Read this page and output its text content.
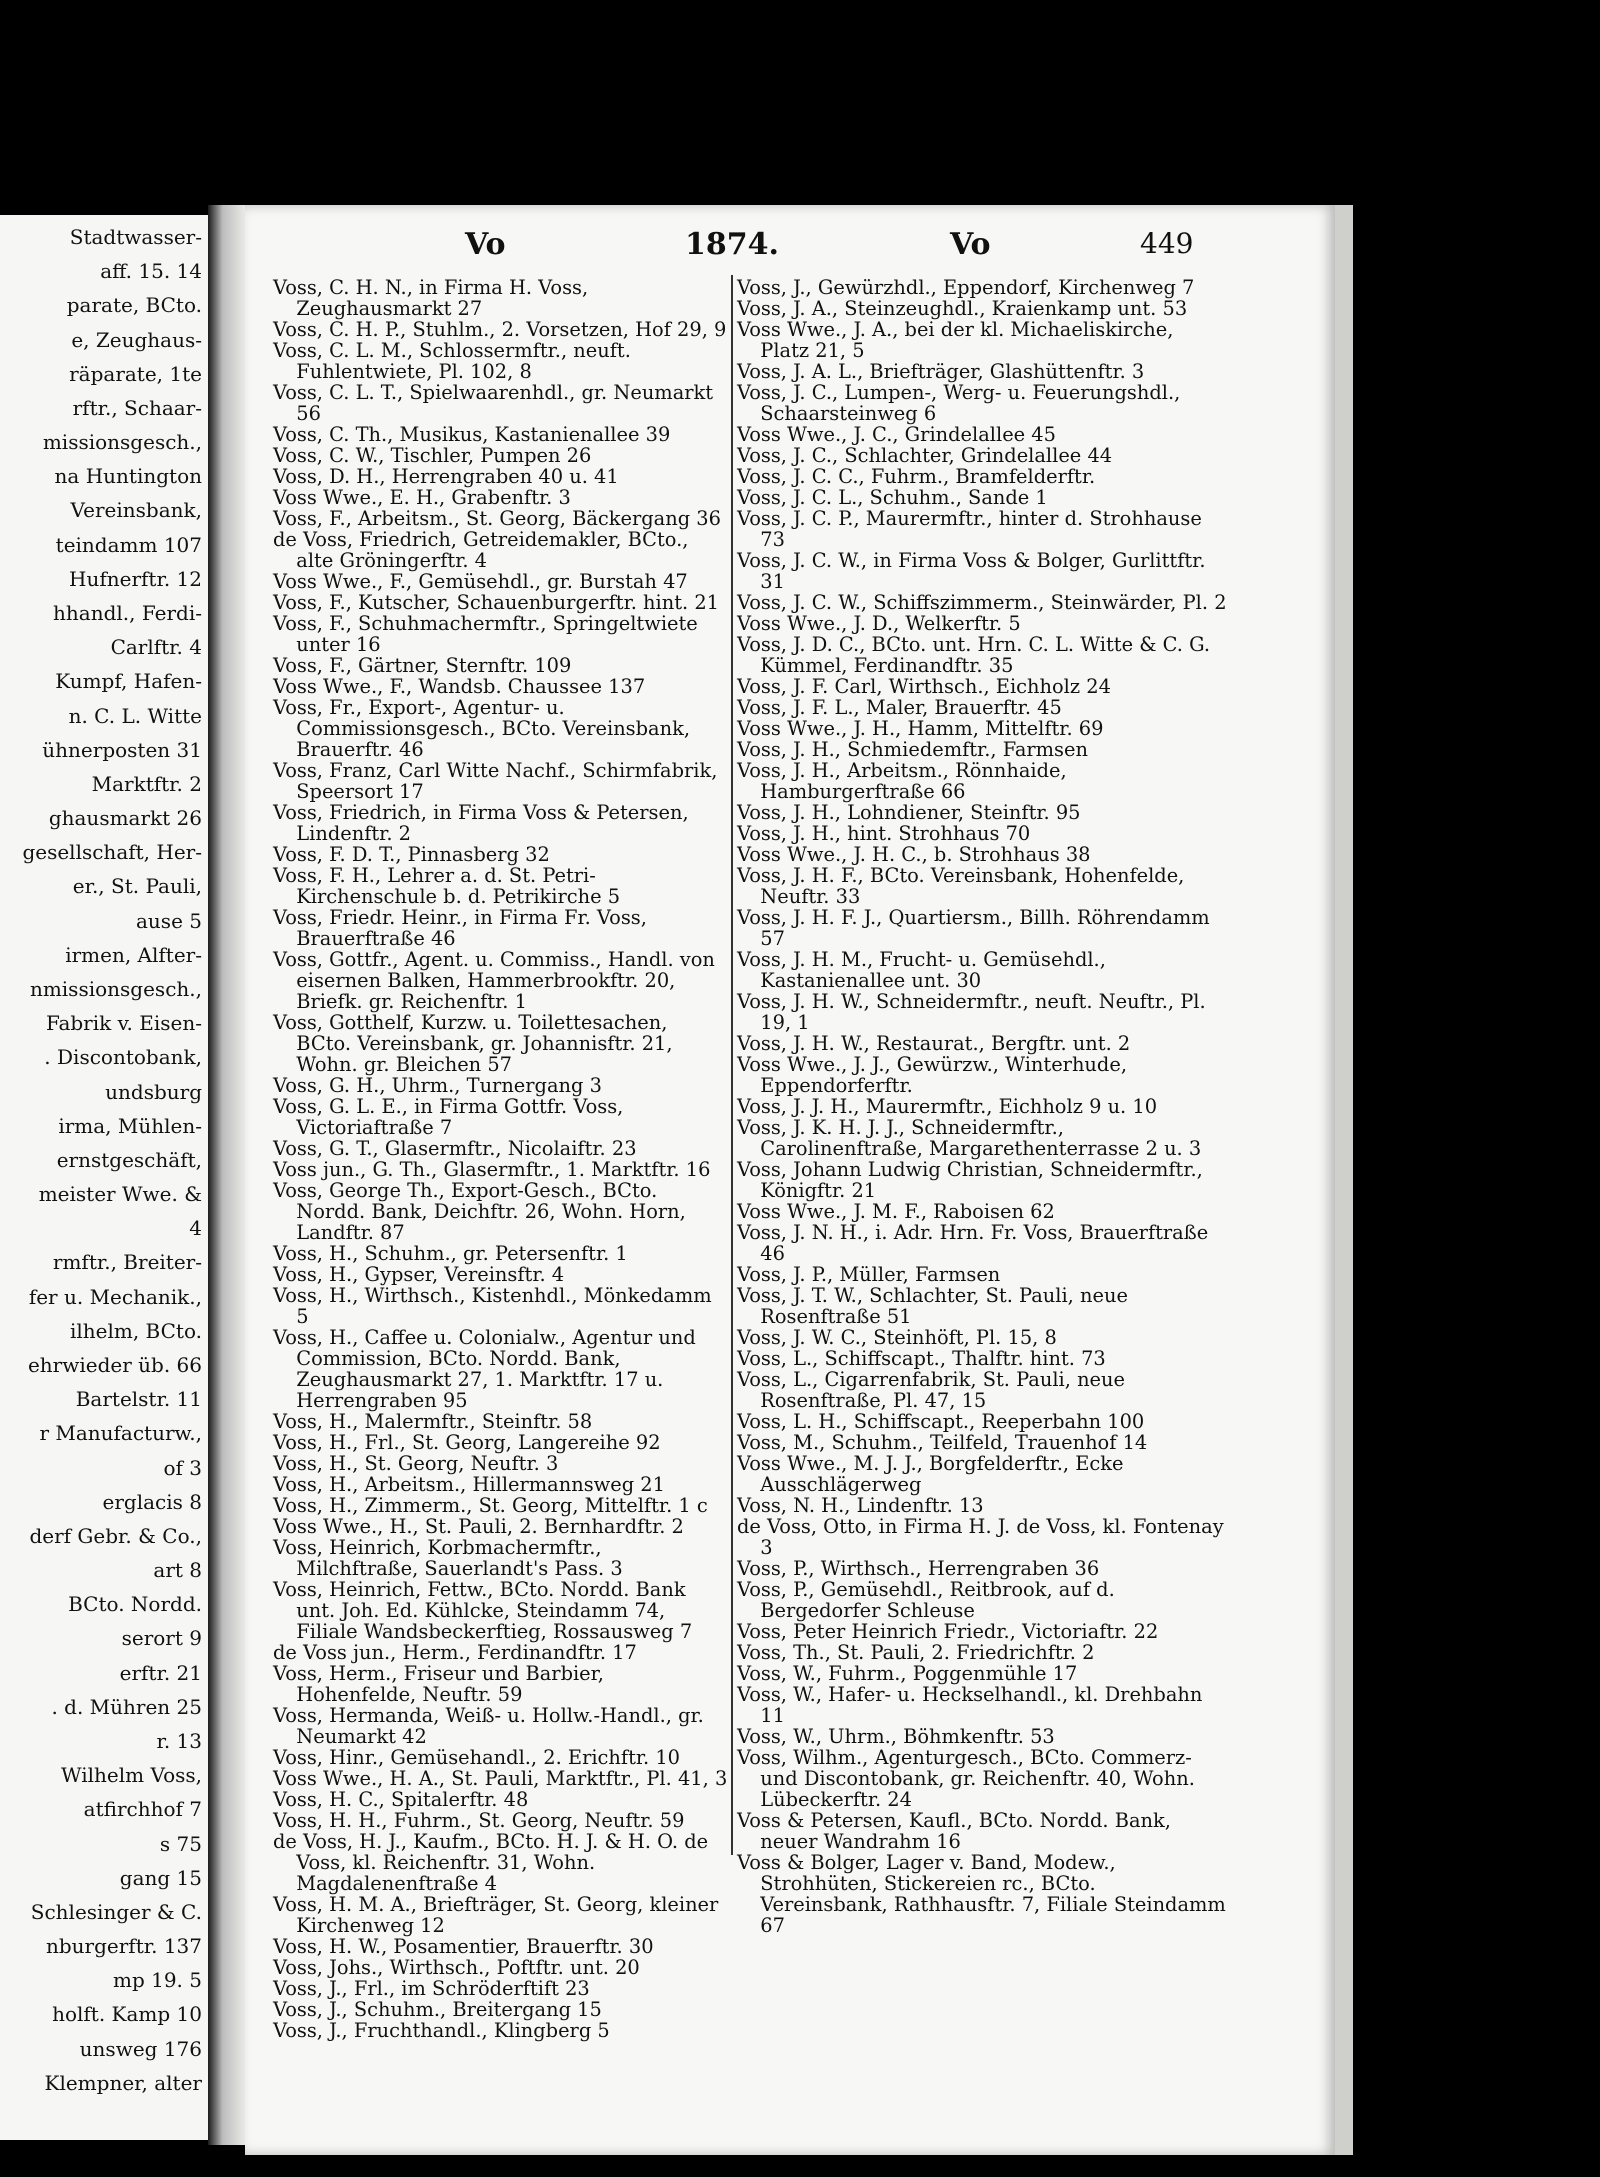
Stadtwasser-
aff. 15. 14
parate, BCto.
e, Zeughaus-
räparate, 1te
rftr., Schaar-
missionsgesch.,
na Huntington
Vereinsbank,
teindamm 107
Hufnerftr. 12
hhandl., Ferdi-
Carlftr. 4
Kumpf, Hafen-
n. C. L. Witte
ühnerposten 31
Marktftr. 2
ghausmarkt 26
gesellschaft, Her-
er., St. Pauli,
ause 5
irmen, Alfter-
nmissionsgesch.,
Fabrik v. Eisen-
. Discontobank,
undsburg
irma, Mühlen-
ernstgeschäft,
meister Wwe. &
4
rmftr., Breiter-
fer u. Mechanik.,
ilhelm, BCto.
ehrwieder üb. 66
Bartelstr. 11
r Manufacturw.,
of 3
erglacis 8
derf Gebr. & Co.,
art 8
BCto. Nordd.
serort 9
erftr. 21
. d. Mühren 25
r. 13
Wilhelm Voss,
atfirchhof 7
s 75
gang 15
Schlesinger & C.
nburgerftr. 137
mp 19. 5
holft. Kamp 10
unsweg 176
Klempner, alter
Vo	1874.	Vo	449

Voss, C. H. N., in Firma H. Voss, Zeughausmarkt 27

Voss, C. H. P., Stuhlm., 2. Vorsetzen, Hof 29, 9

Voss, C. L. M., Schlossermftr., neuft. Fuhlentwiete, Pl. 102, 8

Voss, C. L. T., Spielwaarenhdl., gr. Neumarkt 56

Voss, C. Th., Musikus, Kastanienallee 39

Voss, C. W., Tischler, Pumpen 26

Voss, D. H., Herrengraben 40 u. 41

Voss Wwe., E. H., Grabenftr. 3

Voss, F., Arbeitsm., St. Georg, Bäckergang 36

de Voss, Friedrich, Getreidemakler, BCto., alte Gröningerftr. 4

Voss Wwe., F., Gemüsehdl., gr. Burstah 47

Voss, F., Kutscher, Schauenburgerftr. hint. 21

Voss, F., Schuhmachermftr., Springeltwiete unter 16

Voss, F., Gärtner, Sternftr. 109

Voss Wwe., F., Wandsb. Chaussee 137

Voss, Fr., Export-, Agentur- u. Commissionsgesch., BCto. Vereinsbank, Brauerftr. 46

Voss, Franz, Carl Witte Nachf., Schirmfabrik, Speersort 17

Voss, Friedrich, in Firma Voss & Petersen, Lindenftr. 2

Voss, F. D. T., Pinnasberg 32

Voss, F. H., Lehrer a. d. St. Petri-Kirchenschule b. d. Petrikirche 5

Voss, Friedr. Heinr., in Firma Fr. Voss, Brauerftraße 46

Voss, Gottfr., Agent. u. Commiss., Handl. von eisernen Balken, Hammerbrookftr. 20, Briefk. gr. Reichenftr. 1

Voss, Gotthelf, Kurzw. u. Toilettesachen, BCto. Vereinsbank, gr. Johannisftr. 21, Wohn. gr. Bleichen 57

Voss, G. H., Uhrm., Turnergang 3

Voss, G. L. E., in Firma Gottfr. Voss, Victoriaftraße 7

Voss, G. T., Glasermftr., Nicolaiftr. 23

Voss jun., G. Th., Glasermftr., 1. Marktftr. 16

Voss, George Th., Export-Gesch., BCto. Nordd. Bank, Deichftr. 26, Wohn. Horn, Landftr. 87

Voss, H., Schuhm., gr. Petersenftr. 1

Voss, H., Gypser, Vereinsftr. 4

Voss, H., Wirthsch., Kistenhdl., Mönkedamm 5

Voss, H., Caffee u. Colonialw., Agentur und Commission, BCto. Nordd. Bank, Zeughausmarkt 27, 1. Marktftr. 17 u. Herrengraben 95

Voss, H., Malermftr., Steinftr. 58

Voss, H., Frl., St. Georg, Langereihe 92

Voss, H., St. Georg, Neuftr. 3

Voss, H., Arbeitsm., Hillermannsweg 21

Voss, H., Zimmerm., St. Georg, Mittelftr. 1 c

Voss Wwe., H., St. Pauli, 2. Bernhardftr. 2

Voss, Heinrich, Korbmachermftr., Milchftraße, Sauerlandt's Pass. 3

Voss, Heinrich, Fettw., BCto. Nordd. Bank unt. Joh. Ed. Kühlcke, Steindamm 74, Filiale Wandsbeckerftieg, Rossausweg 7

de Voss jun., Herm., Ferdinandftr. 17

Voss, Herm., Friseur und Barbier, Hohenfelde, Neuftr. 59

Voss, Hermanda, Weiß- u. Hollw.-Handl., gr. Neumarkt 42

Voss, Hinr., Gemüsehandl., 2. Erichftr. 10

Voss Wwe., H. A., St. Pauli, Marktftr., Pl. 41, 3

Voss, H. C., Spitalerftr. 48

Voss, H. H., Fuhrm., St. Georg, Neuftr. 59

de Voss, H. J., Kaufm., BCto. H. J. & H. O. de Voss, kl. Reichenftr. 31, Wohn. Magdalenenftraße 4

Voss, H. M. A., Briefträger, St. Georg, kleiner Kirchenweg 12

Voss, H. W., Posamentier, Brauerftr. 30

Voss, Johs., Wirthsch., Poftftr. unt. 20

Voss, J., Frl., im Schröderftift 23

Voss, J., Schuhm., Breitergang 15

Voss, J., Fruchthandl., Klingberg 5

Voss, J., Gewürzhdl., Eppendorf, Kirchenweg 7

Voss, J. A., Steinzeughdl., Kraienkamp unt. 53

Voss Wwe., J. A., bei der kl. Michaeliskirche, Platz 21, 5

Voss, J. A. L., Briefträger, Glashüttenftr. 3

Voss, J. C., Lumpen-, Werg- u. Feuerungshdl., Schaarsteinweg 6

Voss Wwe., J. C., Grindelallee 45

Voss, J. C., Schlachter, Grindelallee 44

Voss, J. C. C., Fuhrm., Bramfelderftr.

Voss, J. C. L., Schuhm., Sande 1

Voss, J. C. P., Maurermftr., hinter d. Strohhause 73

Voss, J. C. W., in Firma Voss & Bolger, Gurlittftr. 31

Voss, J. C. W., Schiffszimmerm., Steinwärder, Pl. 2

Voss Wwe., J. D., Welkerftr. 5

Voss, J. D. C., BCto. unt. Hrn. C. L. Witte & C. G. Kümmel, Ferdinandftr. 35

Voss, J. F. Carl, Wirthsch., Eichholz 24

Voss, J. F. L., Maler, Brauerftr. 45

Voss Wwe., J. H., Hamm, Mittelftr. 69

Voss, J. H., Schmiedemftr., Farmsen

Voss, J. H., Arbeitsm., Rönnhaide, Hamburgerftraße 66

Voss, J. H., Lohndiener, Steinftr. 95

Voss, J. H., hint. Strohhaus 70

Voss Wwe., J. H. C., b. Strohhaus 38

Voss, J. H. F., BCto. Vereinsbank, Hohenfelde, Neuftr. 33

Voss, J. H. F. J., Quartiersm., Billh. Röhrendamm 57

Voss, J. H. M., Frucht- u. Gemüsehdl., Kastanienallee unt. 30

Voss, J. H. W., Schneidermftr., neuft. Neuftr., Pl. 19, 1

Voss, J. H. W., Restaurat., Bergftr. unt. 2

Voss Wwe., J. J., Gewürzw., Winterhude, Eppendorferftr.

Voss, J. J. H., Maurermftr., Eichholz 9 u. 10

Voss, J. K. H. J. J., Schneidermftr., Carolinenftraße, Margarethenterrasse 2 u. 3

Voss, Johann Ludwig Christian, Schneidermftr., Königftr. 21

Voss Wwe., J. M. F., Raboisen 62

Voss, J. N. H., i. Adr. Hrn. Fr. Voss, Brauerftraße 46

Voss, J. P., Müller, Farmsen

Voss, J. T. W., Schlachter, St. Pauli, neue Rosenftraße 51

Voss, J. W. C., Steinhöft, Pl. 15, 8

Voss, L., Schiffscapt., Thalftr. hint. 73

Voss, L., Cigarrenfabrik, St. Pauli, neue Rosenftraße, Pl. 47, 15

Voss, L. H., Schiffscapt., Reeperbahn 100

Voss, M., Schuhm., Teilfeld, Trauenhof 14

Voss Wwe., M. J. J., Borgfelderftr., Ecke Ausschlägerweg

Voss, N. H., Lindenftr. 13

de Voss, Otto, in Firma H. J. de Voss, kl. Fontenay 3

Voss, P., Wirthsch., Herrengraben 36

Voss, P., Gemüsehdl., Reitbrook, auf d. Bergedorfer Schleuse

Voss, Peter Heinrich Friedr., Victoriaftr. 22

Voss, Th., St. Pauli, 2. Friedrichftr. 2

Voss, W., Fuhrm., Poggenmühle 17

Voss, W., Hafer- u. Heckselhandl., kl. Drehbahn 11

Voss, W., Uhrm., Böhmkenftr. 53

Voss, Wilhm., Agenturgesch., BCto. Commerz- und Discontobank, gr. Reichenftr. 40, Wohn. Lübeckerftr. 24

Voss & Petersen, Kaufl., BCto. Nordd. Bank, neuer Wandrahm 16

Voss & Bolger, Lager v. Band, Modew., Strohhüten, Stickereien rc., BCto. Vereinsbank, Rathhausftr. 7, Filiale Steindamm 67
